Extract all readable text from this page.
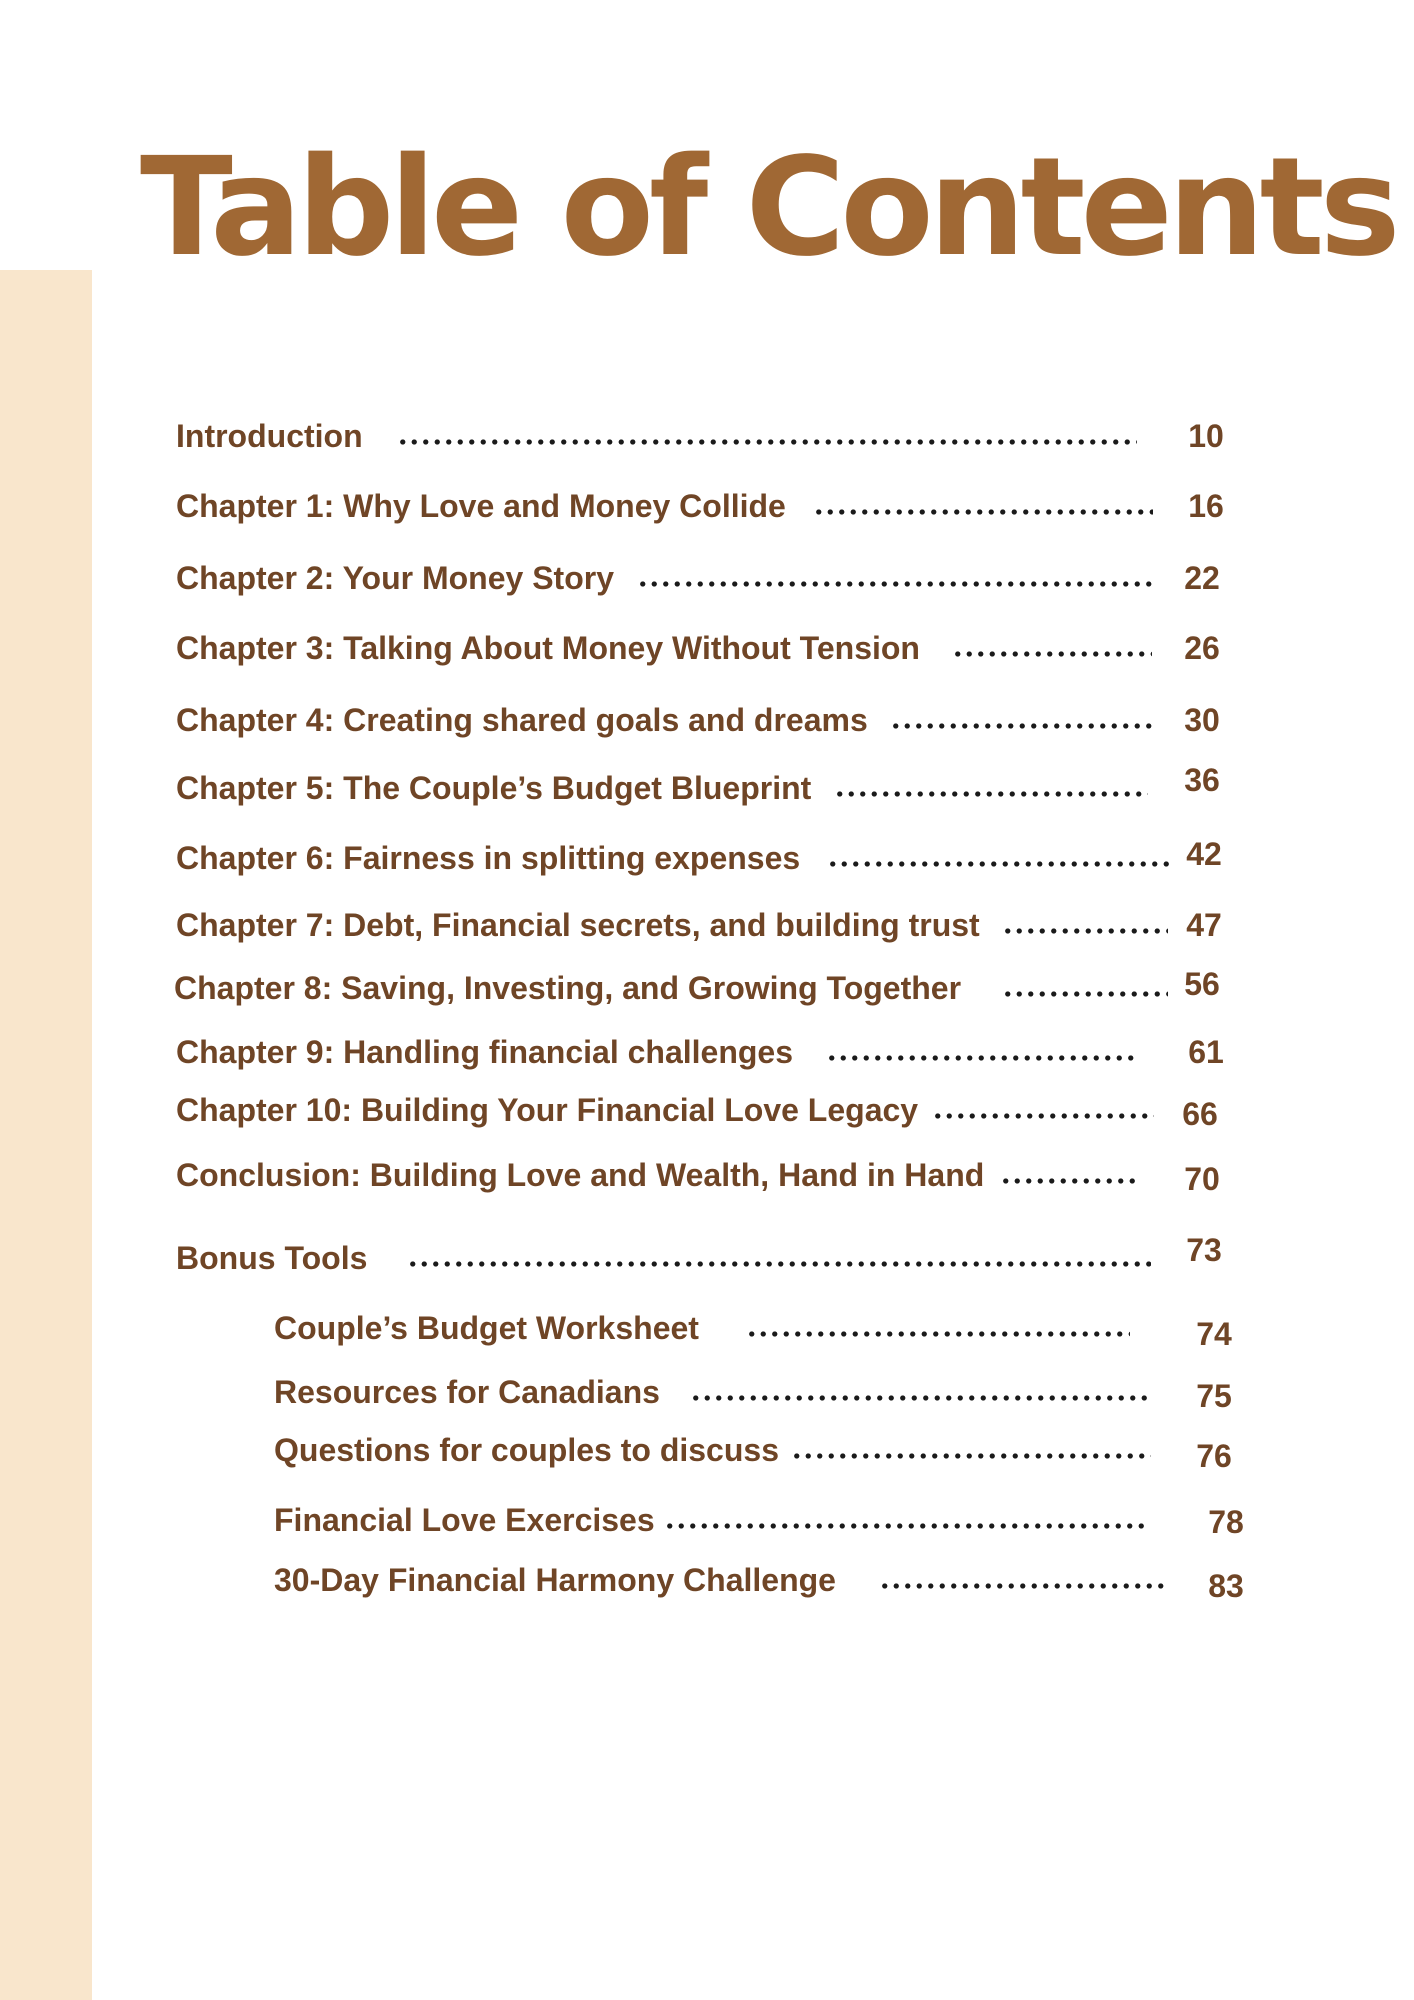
Table of Contents
Introduction	10
Chapter 1: Why Love and Money Collide	16
Chapter 2: Your Money Story	22
Chapter 3: Talking About Money Without Tension	26
Chapter 4: Creating shared goals and dreams	30
Chapter 5: The Couple’s Budget Blueprint	36
Chapter 6: Fairness in splitting expenses	42
Chapter 7: Debt, Financial secrets, and building trust	47
Chapter 8: Saving, Investing, and Growing Together	56
Chapter 9: Handling financial challenges	61
Chapter 10: Building Your Financial Love Legacy	66
Conclusion: Building Love and Wealth, Hand in Hand	70
Bonus Tools	73
Couple’s Budget Worksheet	74
Resources for Canadians	75
Questions for couples to discuss	76
Financial Love Exercises	78
30-Day Financial Harmony Challenge	83
